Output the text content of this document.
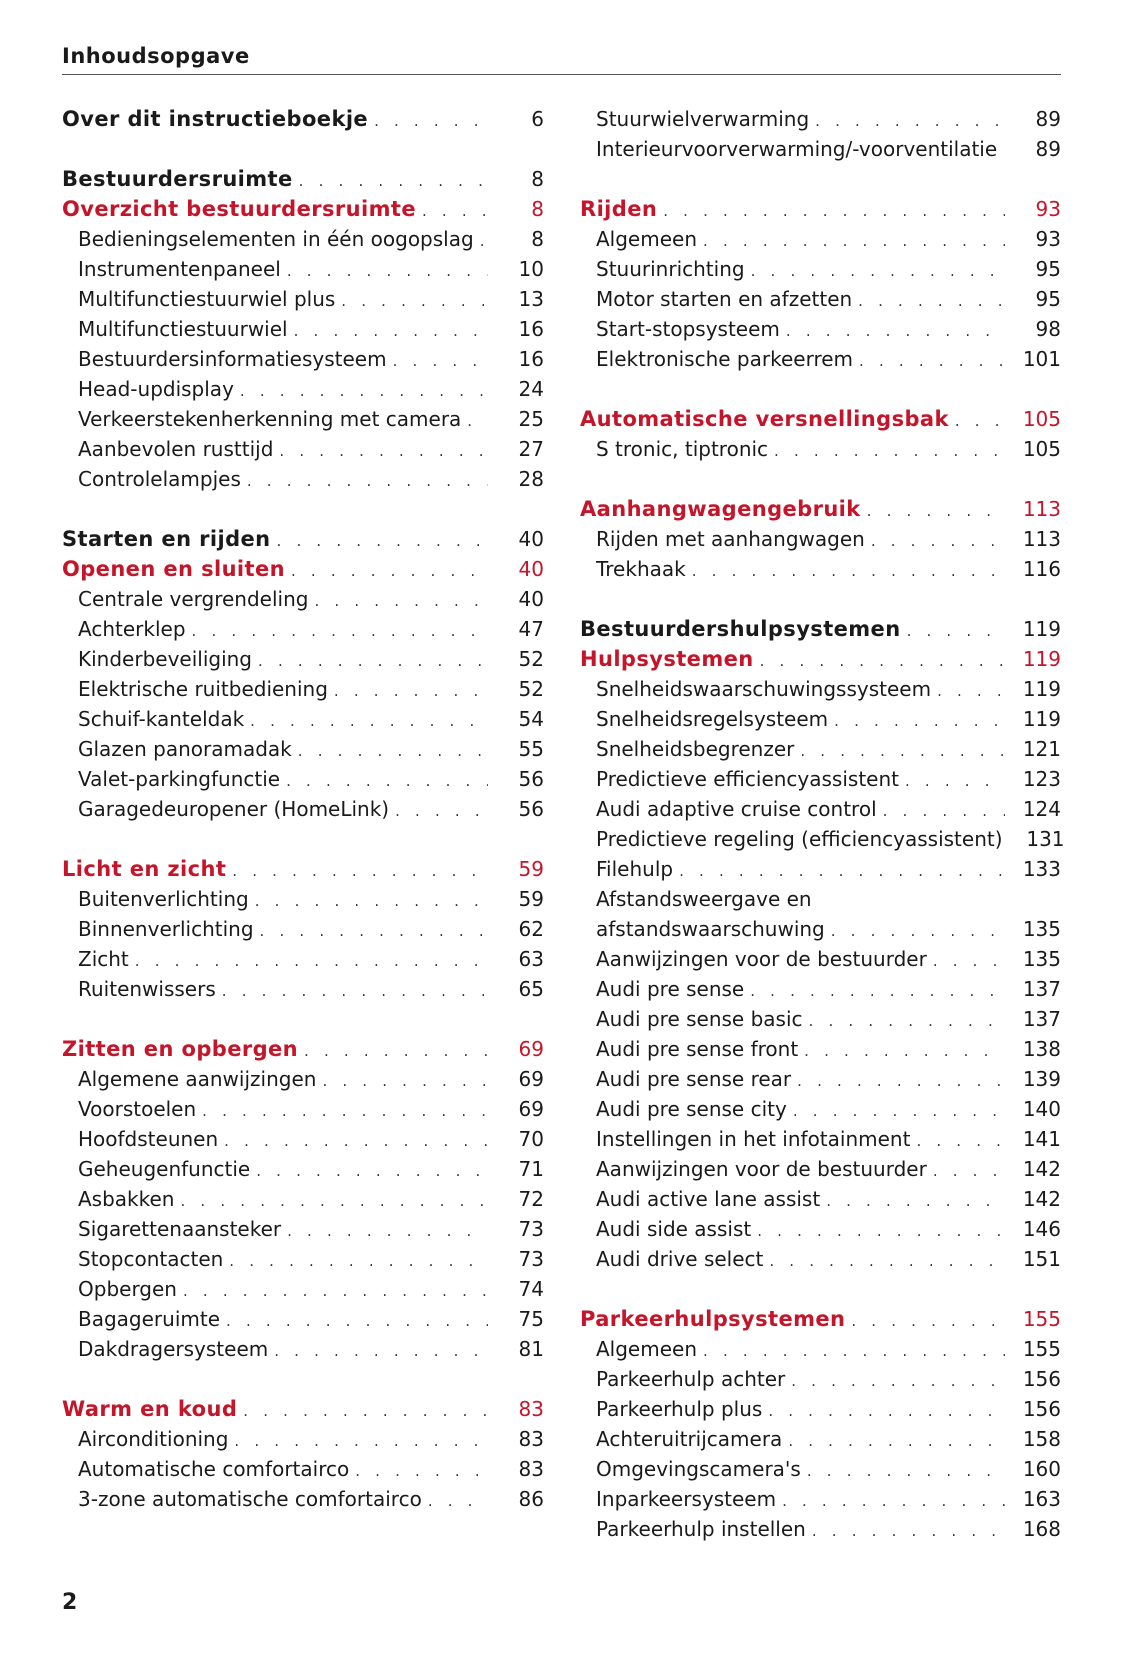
Inhoudsopgave
Over dit instructieboekje . . .	6
Bestuurdersruimte . . .	8
Overzicht bestuurdersruimte . . .	8
Bedieningselementen in één oogopslag . . .	8
Instrumentenpaneel . . .	10
Multifunctiestuurwiel plus . . .	13
Multifunctiestuurwiel . . .	16
Bestuurdersinformatiesysteem . . .	16
Head-updisplay . . .	24
Verkeerstekenherkenning met camera . . .	25
Aanbevolen rusttijd . . .	27
Controlelampjes . . .	28
Starten en rijden . . .	40
Openen en sluiten . . .	40
Centrale vergrendeling . . .	40
Achterklep . . .	47
Kinderbeveiliging . . .	52
Elektrische ruitbediening . . .	52
Schuif-kanteldak . . .	54
Glazen panoramadak . . .	55
Valet-parkingfunctie . . .	56
Garagedeuropener (HomeLink) . . .	56
Licht en zicht . . .	59
Buitenverlichting . . .	59
Binnenverlichting . . .	62
Zicht . . .	63
Ruitenwissers . . .	65
Zitten en opbergen . . .	69
Algemene aanwijzingen . . .	69
Voorstoelen . . .	69
Hoofdsteunen . . .	70
Geheugenfunctie . . .	71
Asbakken . . .	72
Sigarettenaansteker . . .	73
Stopcontacten . . .	73
Opbergen . . .	74
Bagageruimte . . .	75
Dakdragersysteem . . .	81
Warm en koud . . .	83
Airconditioning . . .	83
Automatische comfortairco . . .	83
3-zone automatische comfortairco . . .	86
Stuurwielverwarming . . .	89
Interieurvoorverwarming/-voorventilatie	89
Rijden . . .	93
Algemeen . . .	93
Stuurinrichting . . .	95
Motor starten en afzetten . . .	95
Start-stopsysteem . . .	98
Elektronische parkeerrem . . .	101
Automatische versnellingsbak . . .	105
S tronic, tiptronic . . .	105
Aanhangwagengebruik . . .	113
Rijden met aanhangwagen . . .	113
Trekhaak . . .	116
Bestuurdershulpsystemen . . .	119
Hulpsystemen . . .	119
Snelheidswaarschuwingssysteem . . .	119
Snelheidsregelsysteem . . .	119
Snelheidsbegrenzer . . .	121
Predictieve efficiencyassistent . . .	123
Audi adaptive cruise control . . .	124
Predictieve regeling (efficiencyassistent)	131
Filehulp . . .	133
Afstandsweergave en
afstandswaarschuwing . . .	135
Aanwijzingen voor de bestuurder . . .	135
Audi pre sense . . .	137
Audi pre sense basic . . .	137
Audi pre sense front . . .	138
Audi pre sense rear . . .	139
Audi pre sense city . . .	140
Instellingen in het infotainment . . .	141
Aanwijzingen voor de bestuurder . . .	142
Audi active lane assist . . .	142
Audi side assist . . .	146
Audi drive select . . .	151
Parkeerhulpsystemen . . .	155
Algemeen . . .	155
Parkeerhulp achter . . .	156
Parkeerhulp plus . . .	156
Achteruitrijcamera . . .	158
Omgevingscamera's . . .	160
Inparkeersysteem . . .	163
Parkeerhulp instellen . . .	168
2
